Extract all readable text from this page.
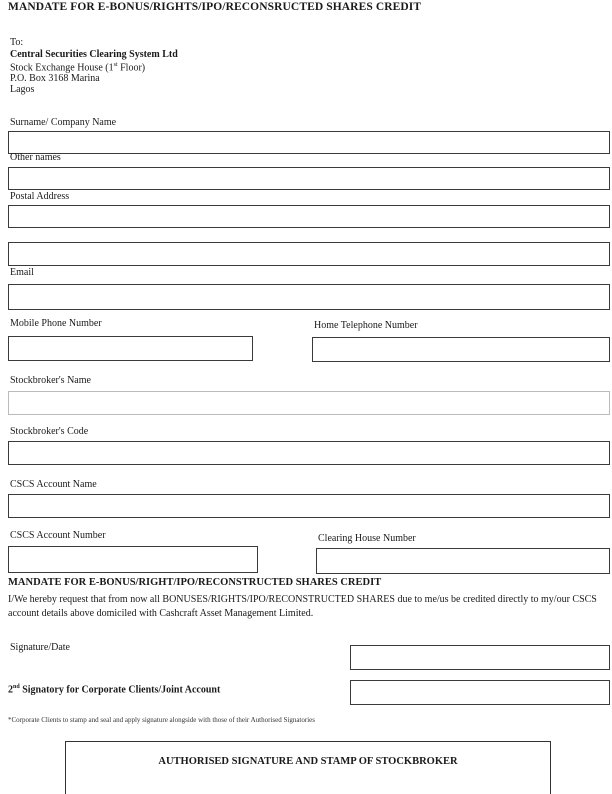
MANDATE FOR E-BONUS/RIGHTS/IPO/RECONSRUCTED SHARES CREDIT
To:
Central Securities Clearing System Ltd
Stock Exchange House (1st Floor)
P.O. Box 3168 Marina
Lagos
Surname/ Company Name
Other names
Postal Address
Email
Mobile Phone Number	Home Telephone Number
Stockbroker's Name
Stockbroker's Code
CSCS Account Name
CSCS Account Number	Clearing House Number
MANDATE FOR E-BONUS/RIGHT/IPO/RECONSTRUCTED SHARES CREDIT
I/We hereby request that from now all BONUSES/RIGHTS/IPO/RECONSTRUCTED SHARES due to me/us be credited directly to my/our CSCS account details above domiciled with Cashcraft Asset Management Limited.
Signature/Date
2nd Signatory for Corporate Clients/Joint Account
*Corporate Clients to stamp and seal and apply signature alongside with those of their Authorised Signatories
AUTHORISED SIGNATURE AND STAMP OF STOCKBROKER
